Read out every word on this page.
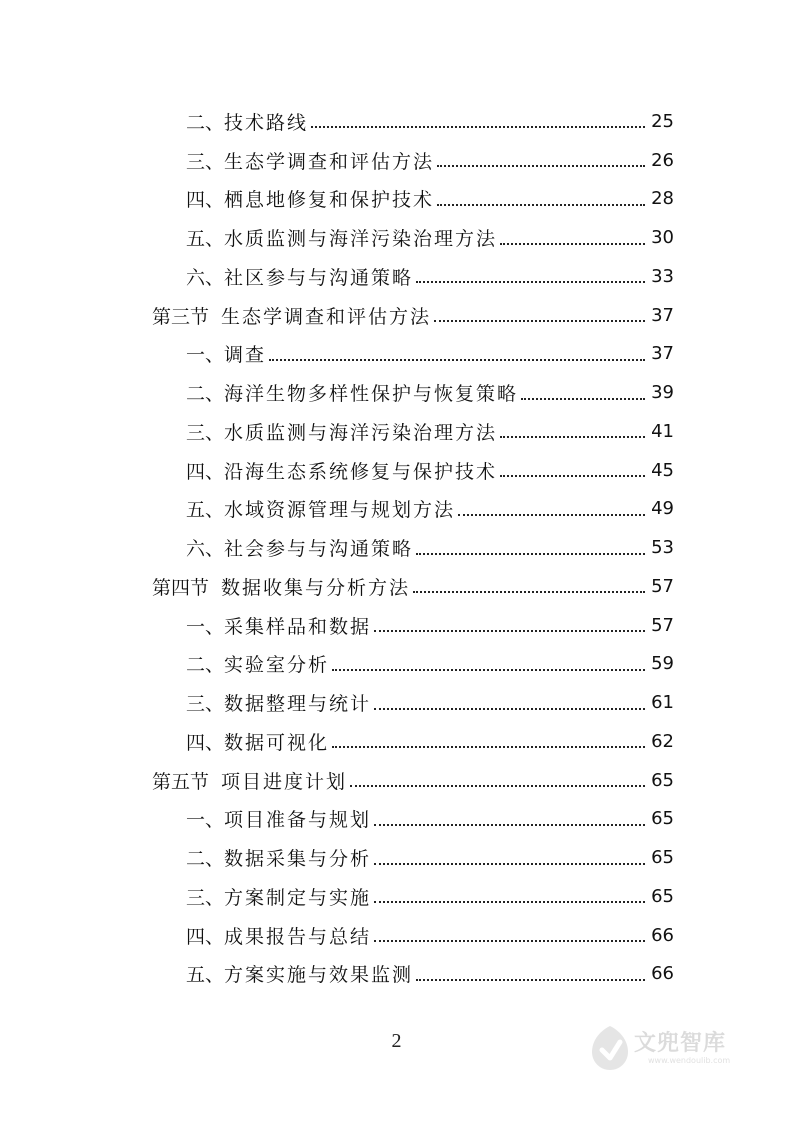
二、 技术路线	25
三、 生态学调查和评估方法	26
四、 栖息地修复和保护技术	28
五、 水质监测与海洋污染治理方法	30
六、 社区参与与沟通策略	33
第三节 生态学调查和评估方法	37
一、 调查	37
二、 海洋生物多样性保护与恢复策略	39
三、 水质监测与海洋污染治理方法	41
四、 沿海生态系统修复与保护技术	45
五、 水域资源管理与规划方法	49
六、 社会参与与沟通策略	53
第四节 数据收集与分析方法	57
一、 采集样品和数据	57
二、 实验室分析	59
三、 数据整理与统计	61
四、 数据可视化	62
第五节 项目进度计划	65
一、 项目准备与规划	65
二、 数据采集与分析	65
三、 方案制定与实施	65
四、 成果报告与总结	66
五、 方案实施与效果监测	66
2	文兜智库
www.wendoulib.com
